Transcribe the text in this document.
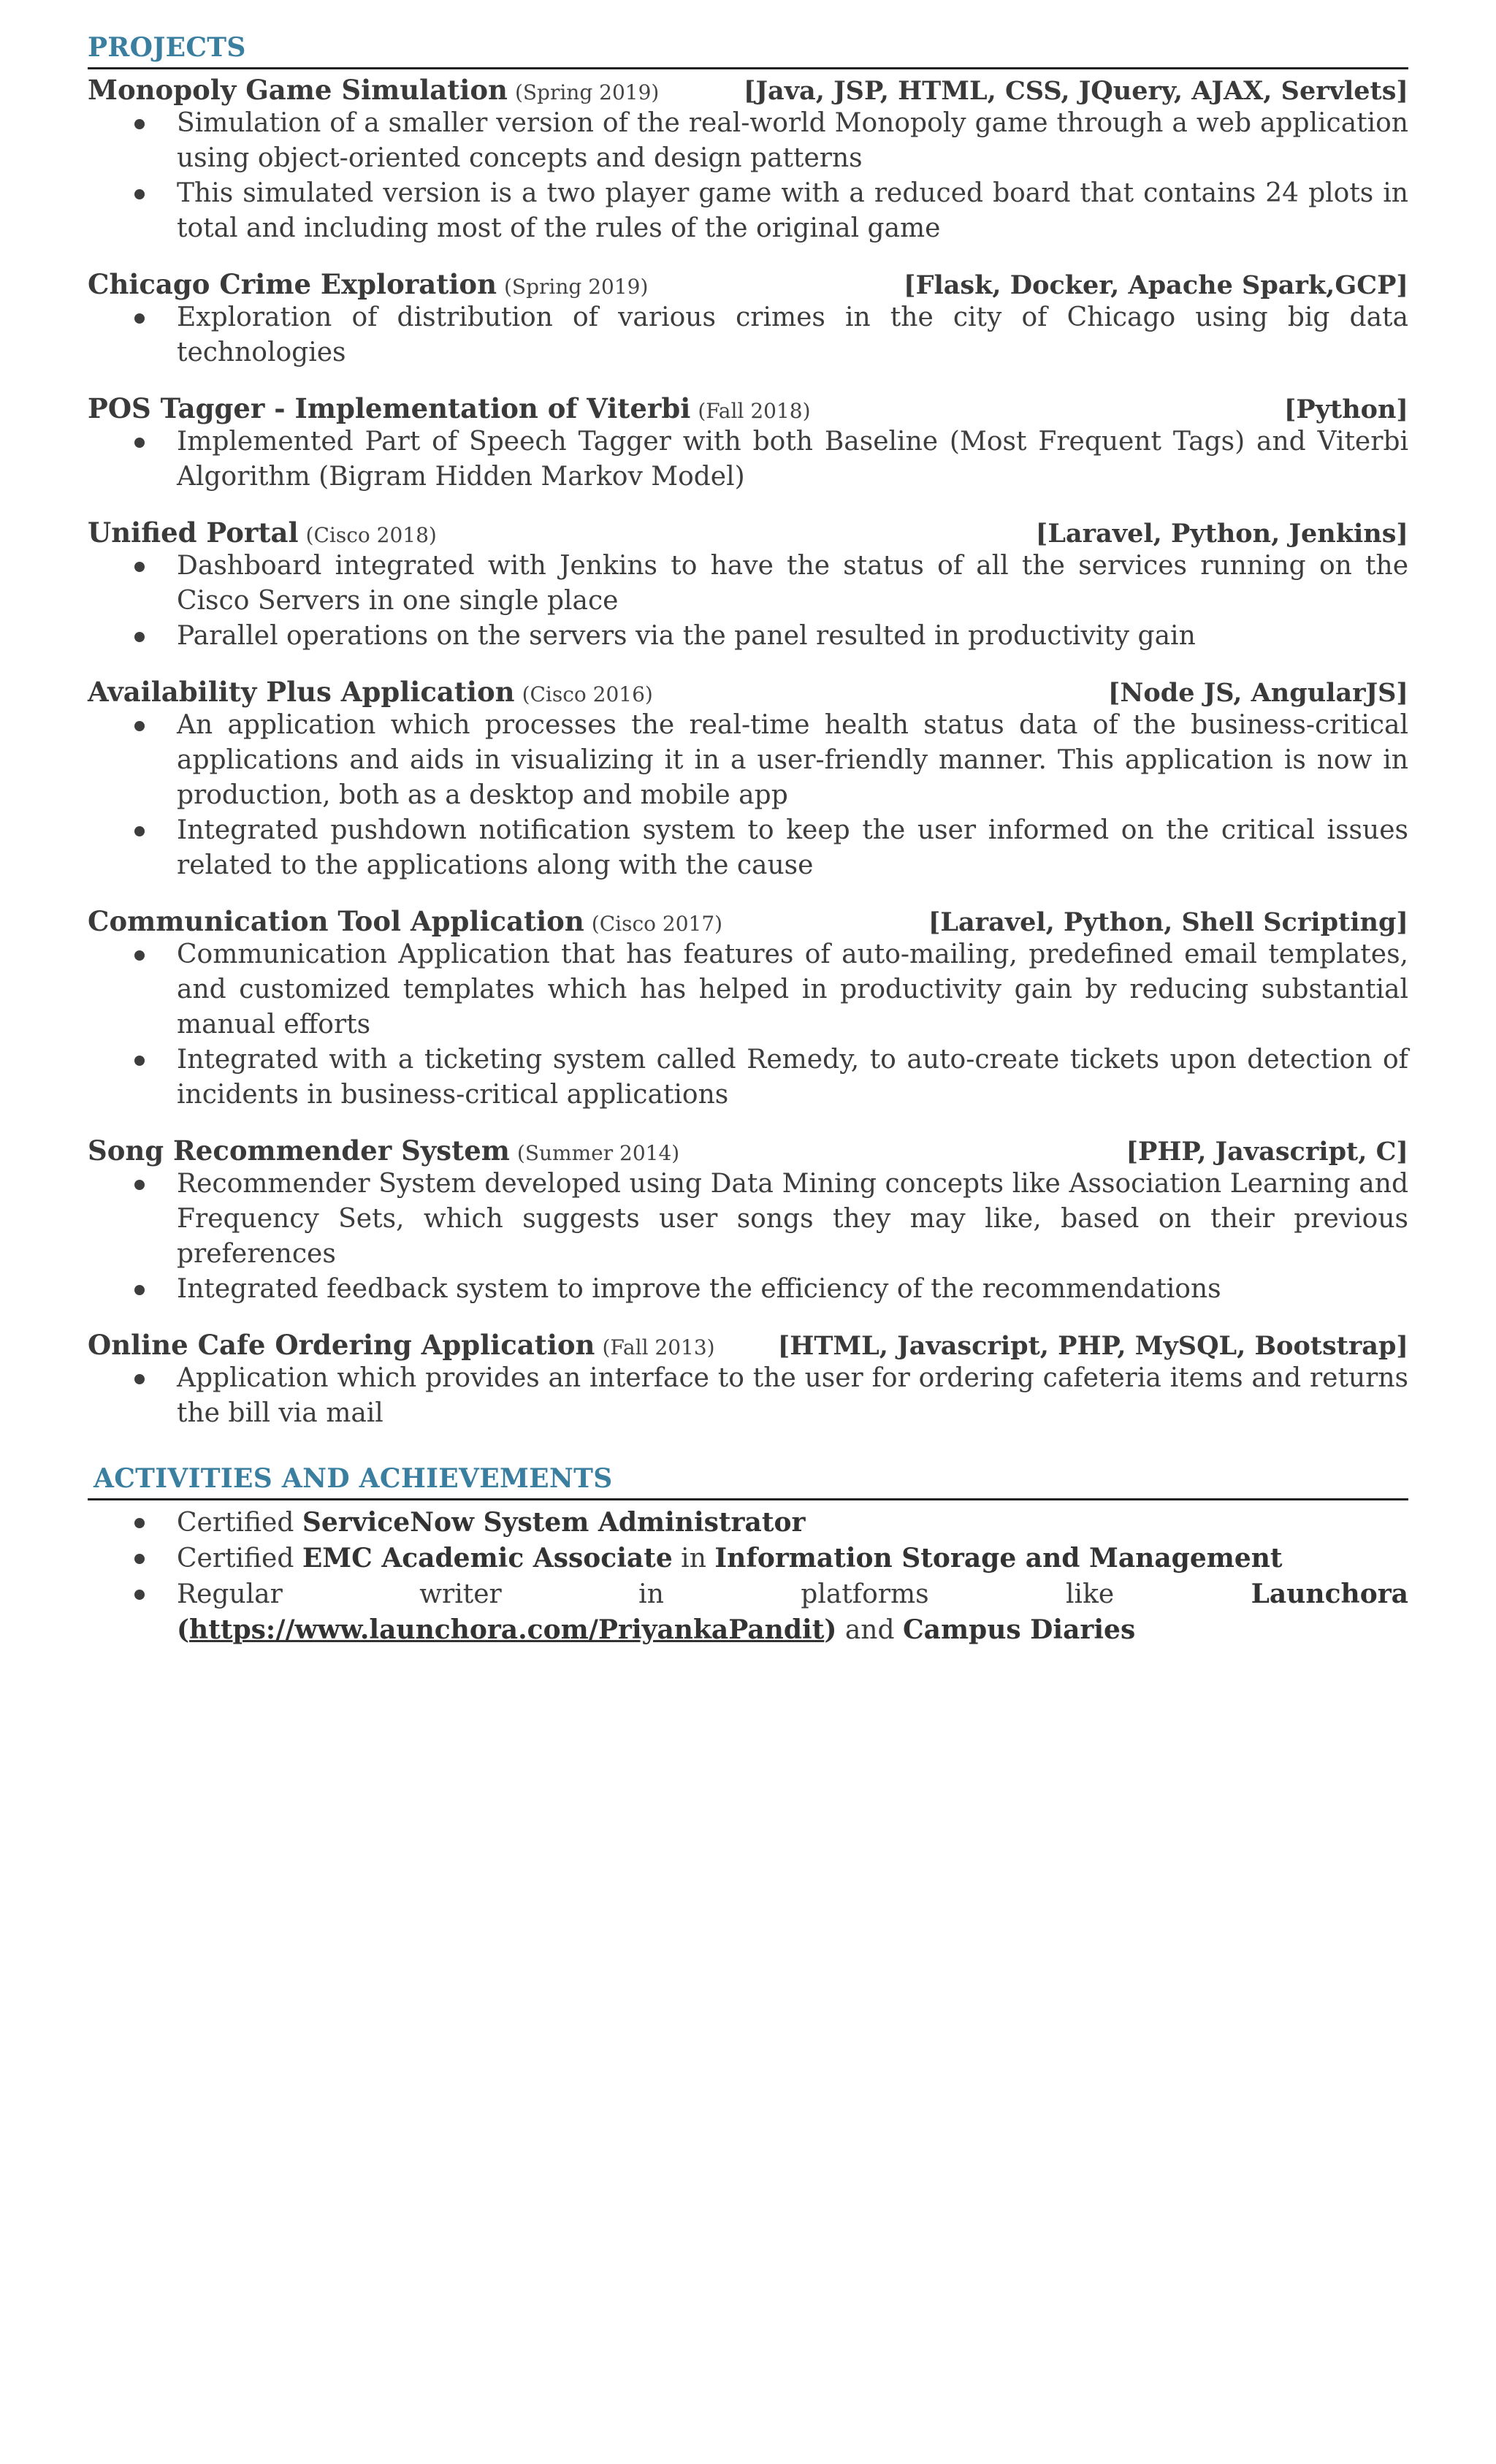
PROJECTS
Monopoly Game Simulation (Spring 2019)	[Java, JSP, HTML, CSS, JQuery, AJAX, Servlets]
Simulation of a smaller version of the real-world Monopoly game through a web application using object-oriented concepts and design patterns
This simulated version is a two player game with a reduced board that contains 24 plots in total and including most of the rules of the original game
Chicago Crime Exploration (Spring 2019)	[Flask, Docker, Apache Spark,GCP]
Exploration of distribution of various crimes in the city of Chicago using big data technologies
POS Tagger - Implementation of Viterbi (Fall 2018)	[Python]
Implemented Part of Speech Tagger with both Baseline (Most Frequent Tags) and Viterbi Algorithm (Bigram Hidden Markov Model)
Unified Portal (Cisco 2018)	[Laravel, Python, Jenkins]
Dashboard integrated with Jenkins to have the status of all the services running on the Cisco Servers in one single place
Parallel operations on the servers via the panel resulted in productivity gain
Availability Plus Application (Cisco 2016)	[Node JS, AngularJS]
An application which processes the real-time health status data of the business-critical applications and aids in visualizing it in a user-friendly manner. This application is now in production, both as a desktop and mobile app
Integrated pushdown notification system to keep the user informed on the critical issues related to the applications along with the cause
Communication Tool Application (Cisco 2017)	[Laravel, Python, Shell Scripting]
Communication Application that has features of auto-mailing, predefined email templates, and customized templates which has helped in productivity gain by reducing substantial manual efforts
Integrated with a ticketing system called Remedy, to auto-create tickets upon detection of incidents in business-critical applications
Song Recommender System (Summer 2014)	[PHP, Javascript, C]
Recommender System developed using Data Mining concepts like Association Learning and Frequency Sets, which suggests user songs they may like, based on their previous preferences
Integrated feedback system to improve the efficiency of the recommendations
Online Cafe Ordering Application (Fall 2013) [HTML, Javascript, PHP, MySQL, Bootstrap]
Application which provides an interface to the user for ordering cafeteria items and returns the bill via mail
ACTIVITIES AND ACHIEVEMENTS
Certified ServiceNow System Administrator
Certified EMC Academic Associate in Information Storage and Management
Regular writer in platforms like Launchora (https://www.launchora.com/PriyankaPandit) and Campus Diaries
